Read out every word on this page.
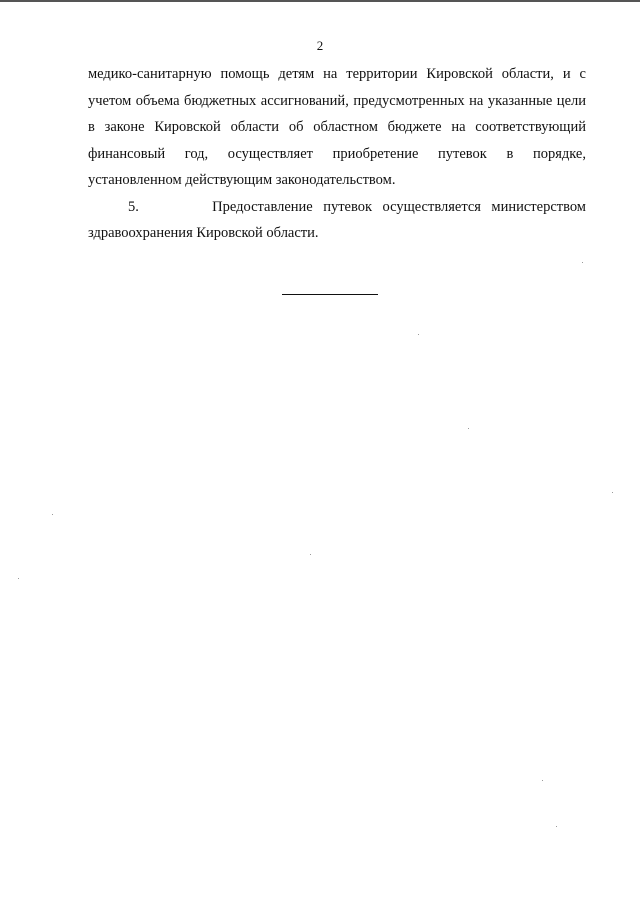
2

медико-санитарную помощь детям на территории Кировской области, и с учетом объема бюджетных ассигнований, предусмотренных на указанные цели в законе Кировской области об областном бюджете на соответствующий финансовый год, осуществляет приобретение путевок в порядке, установленном действующим законодательством.

5.       Предоставление путевок осуществляется министерством здравоохранения Кировской области.
